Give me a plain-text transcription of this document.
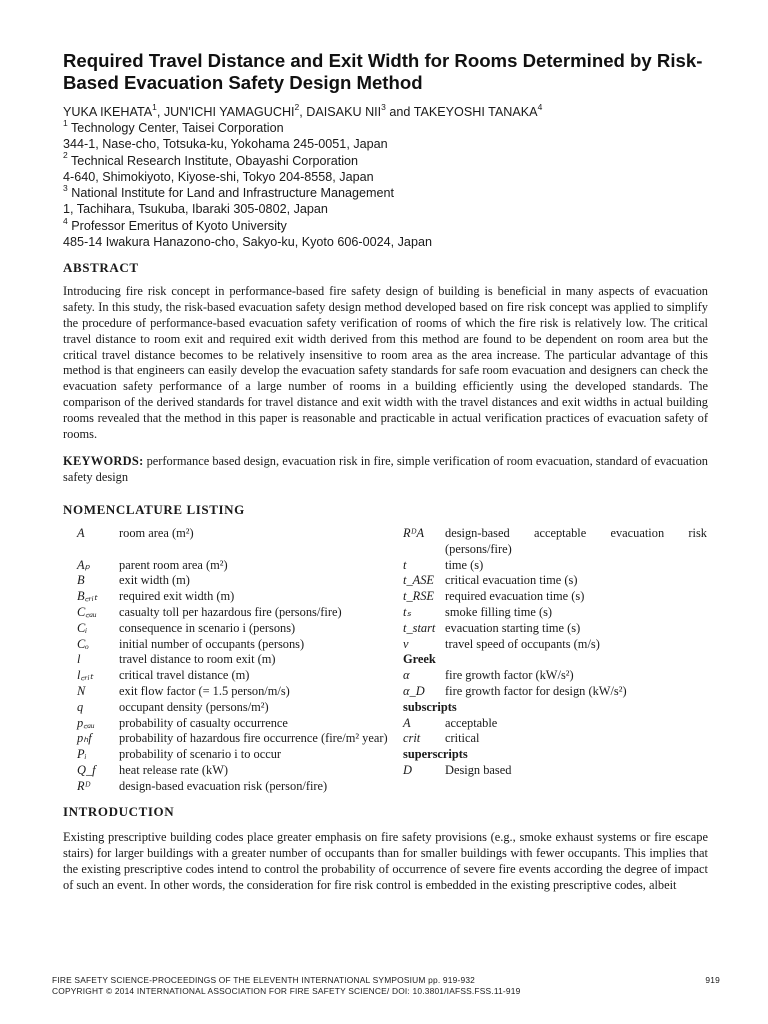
Required Travel Distance and Exit Width for Rooms Determined by Risk-Based Evacuation Safety Design Method

YUKA IKEHATA$^1$, JUN'ICHI YAMAGUCHI$^2$, DAISAKU NII$^3$ and TAKEYOSHI TANAKA$^4$

$^1$ Technology Center, Taisei Corporation

344-1, Nase-cho, Totsuka-ku, Yokohama 245-0051, Japan

$^2$ Technical Research Institute, Obayashi Corporation

4-640, Shimokiyoto, Kiyose-shi, Tokyo 204-8558, Japan

$^3$ National Institute for Land and Infrastructure Management

1, Tachihara, Tsukuba, Ibaraki 305-0802, Japan

$^4$ Professor Emeritus of Kyoto University

485-14 Iwakura Hanazono-cho, Sakyo-ku, Kyoto 606-0024, Japan

ABSTRACT

Introducing fire risk concept in performance-based fire safety design of building is beneficial in many aspects of evacuation safety. In this study, the risk-based evacuation safety design method developed based on fire risk concept was applied to simplify the procedure of performance-based evacuation safety verification of rooms of which the fire risk is relatively low. The critical travel distance to room exit and required exit width derived from this method are found to be dependent on room area but the critical travel distance becomes to be relatively insensitive to room area as the area increase. The particular advantage of this method is that engineers can easily develop the evacuation safety standards for safe room evacuation and designers can check the evacuation safety performance of a large number of rooms in a building efficiently using the developed standards. The comparison of the derived standards for travel distance and exit width with the travel distances and exit widths in actual building rooms revealed that the method in this paper is reasonable and practicable in actual verification practices of evacuation safety of rooms.

KEYWORDS: performance based design, evacuation risk in fire, simple verification of room evacuation, standard of evacuation safety design

NOMENCLATURE LISTING
A	room area (m²)	RᴰA	design-based acceptable evacuation risk (persons/fire)
Aₚ	parent room area (m²)	t	time (s)
B	exit width (m)	t_ASE	critical evacuation time (s)
B꜀ᵣᵢₜ	required exit width (m)	t_RSE	required evacuation time (s)
C꜀ₐᵤ	casualty toll per hazardous fire (persons/fire)	tₛ	smoke filling time (s)
Cᵢ	consequence in scenario i (persons)	t_start	evacuation starting time (s)
Cₒ	initial number of occupants (persons)	v	travel speed of occupants (m/s)
l	travel distance to room exit (m)	Greek	
l꜀ᵣᵢₜ	critical travel distance (m)	α	fire growth factor (kW/s²)
N	exit flow factor (= 1.5 person/m/s)	α_D	fire growth factor for design (kW/s²)
q	occupant density (persons/m²)	subscripts	
p꜀ₐᵤ	probability of casualty occurrence	A	acceptable
pₕf	probability of hazardous fire occurrence (fire/m² year)	crit	critical
Pᵢ	probability of scenario i to occur	superscripts	
Q_f	heat release rate (kW)	D	Design based
Rᴰ	design-based evacuation risk (person/fire)		
INTRODUCTION

Existing prescriptive building codes place greater emphasis on fire safety provisions (e.g., smoke exhaust systems or fire escape stairs) for larger buildings with a greater number of occupants than for smaller buildings with fewer occupants. This implies that the existing prescriptive codes intend to control the probability of occurrence of severe fire events according the degree of impact of such an event. In other words, the consideration for fire risk control is embedded in the existing prescriptive codes, albeit

FIRE SAFETY SCIENCE-PROCEEDINGS OF THE ELEVENTH INTERNATIONAL SYMPOSIUM pp. 919-932
COPYRIGHT © 2014 INTERNATIONAL ASSOCIATION FOR FIRE SAFETY SCIENCE/ DOI: 10.3801/IAFSS.FSS.11-919
919
